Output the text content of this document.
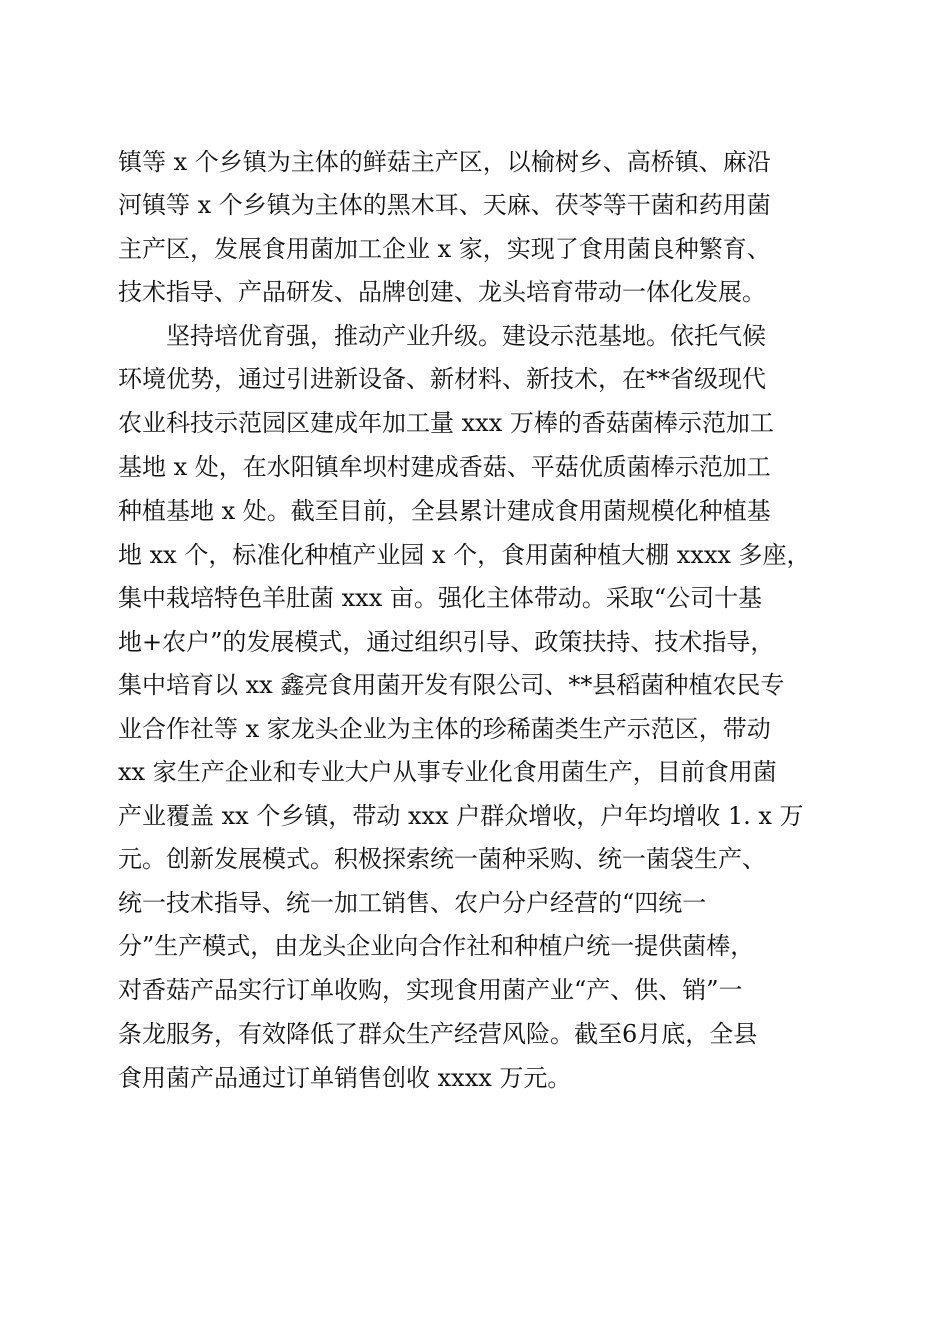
镇等 x 个乡镇为主体的鲜菇主产区，以榆树乡、高桥镇、麻沿
河镇等 x 个乡镇为主体的黑木耳、天麻、茯苓等干菌和药用菌
主产区，发展食用菌加工企业 x 家，实现了食用菌良种繁育、
技术指导、产品研发、品牌创建、龙头培育带动一体化发展。
坚持培优育强，推动产业升级。建设示范基地。依托气候
环境优势，通过引进新设备、新材料、新技术，在**省级现代
农业科技示范园区建成年加工量 xxx 万棒的香菇菌棒示范加工
基地 x 处，在水阳镇牟坝村建成香菇、平菇优质菌棒示范加工
种植基地 x 处。截至目前，全县累计建成食用菌规模化种植基
地 xx 个，标准化种植产业园 x 个，食用菌种植大棚 xxxx 多座，
集中栽培特色羊肚菌 xxx 亩。强化主体带动。采取“公司十基
地+农户”的发展模式，通过组织引导、政策扶持、技术指导，
集中培育以 xx 鑫亮食用菌开发有限公司、**县稻菌种植农民专
业合作社等 x 家龙头企业为主体的珍稀菌类生产示范区，带动
xx 家生产企业和专业大户从事专业化食用菌生产，目前食用菌
产业覆盖 xx 个乡镇，带动 xxx 户群众增收，户年均增收 1. x 万
元。创新发展模式。积极探索统一菌种采购、统一菌袋生产、
统一技术指导、统一加工销售、农户分户经营的“四统一
分”生产模式，由龙头企业向合作社和种植户统一提供菌棒，
对香菇产品实行订单收购，实现食用菌产业“产、供、销”一
条龙服务，有效降低了群众生产经营风险。截至6月底，全县
食用菌产品通过订单销售创收 xxxx 万元。
